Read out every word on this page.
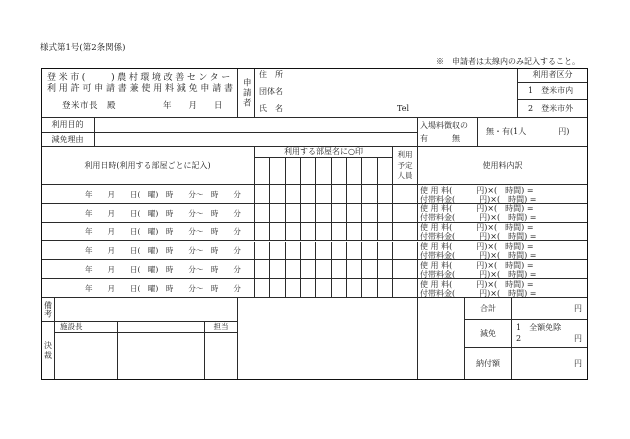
様式第1号(第2条関係)
※　申請者は太線内のみ記入すること。
登米市(　　)農村環境改善センター
利用許可申請書兼使用料減免申請書
登米市長　殿	年　　月　　日 申請者
住　所
団体名
氏　名	Tel
利用者区分
1　登米市内
2　登米市外
利用目的
減免理由
入場料徴収の
有　　　無
無・有(1人　　　　円)
利用日時(利用する部屋ごとに記入)
利用する部屋名に○印	利用
予定
人員
使用料内訳
備考
決裁
施設長	担当
合計	円
減免
1　全額免除
2	円
納付額	円
年　　月　　日(　曜)　時　　分〜　時　　分	使 用 料(　　　円)×(　時間) =
付帯料金(　　　円)×(　時間) =
年　　月　　日(　曜)　時　　分〜　時　　分	使 用 料(　　　円)×(　時間) =
付帯料金(　　　円)×(　時間) =
年　　月　　日(　曜)　時　　分〜　時　　分	使 用 料(　　　円)×(　時間) =
付帯料金(　　　円)×(　時間) =
年　　月　　日(　曜)　時　　分〜　時　　分	使 用 料(　　　円)×(　時間) =
付帯料金(　　　円)×(　時間) =
年　　月　　日(　曜)　時　　分〜　時　　分	使 用 料(　　　円)×(　時間) =
付帯料金(　　　円)×(　時間) =
年　　月　　日(　曜)　時　　分〜　時　　分	使 用 料(　　　円)×(　時間) =
付帯料金(　　　円)×(　時間) =
